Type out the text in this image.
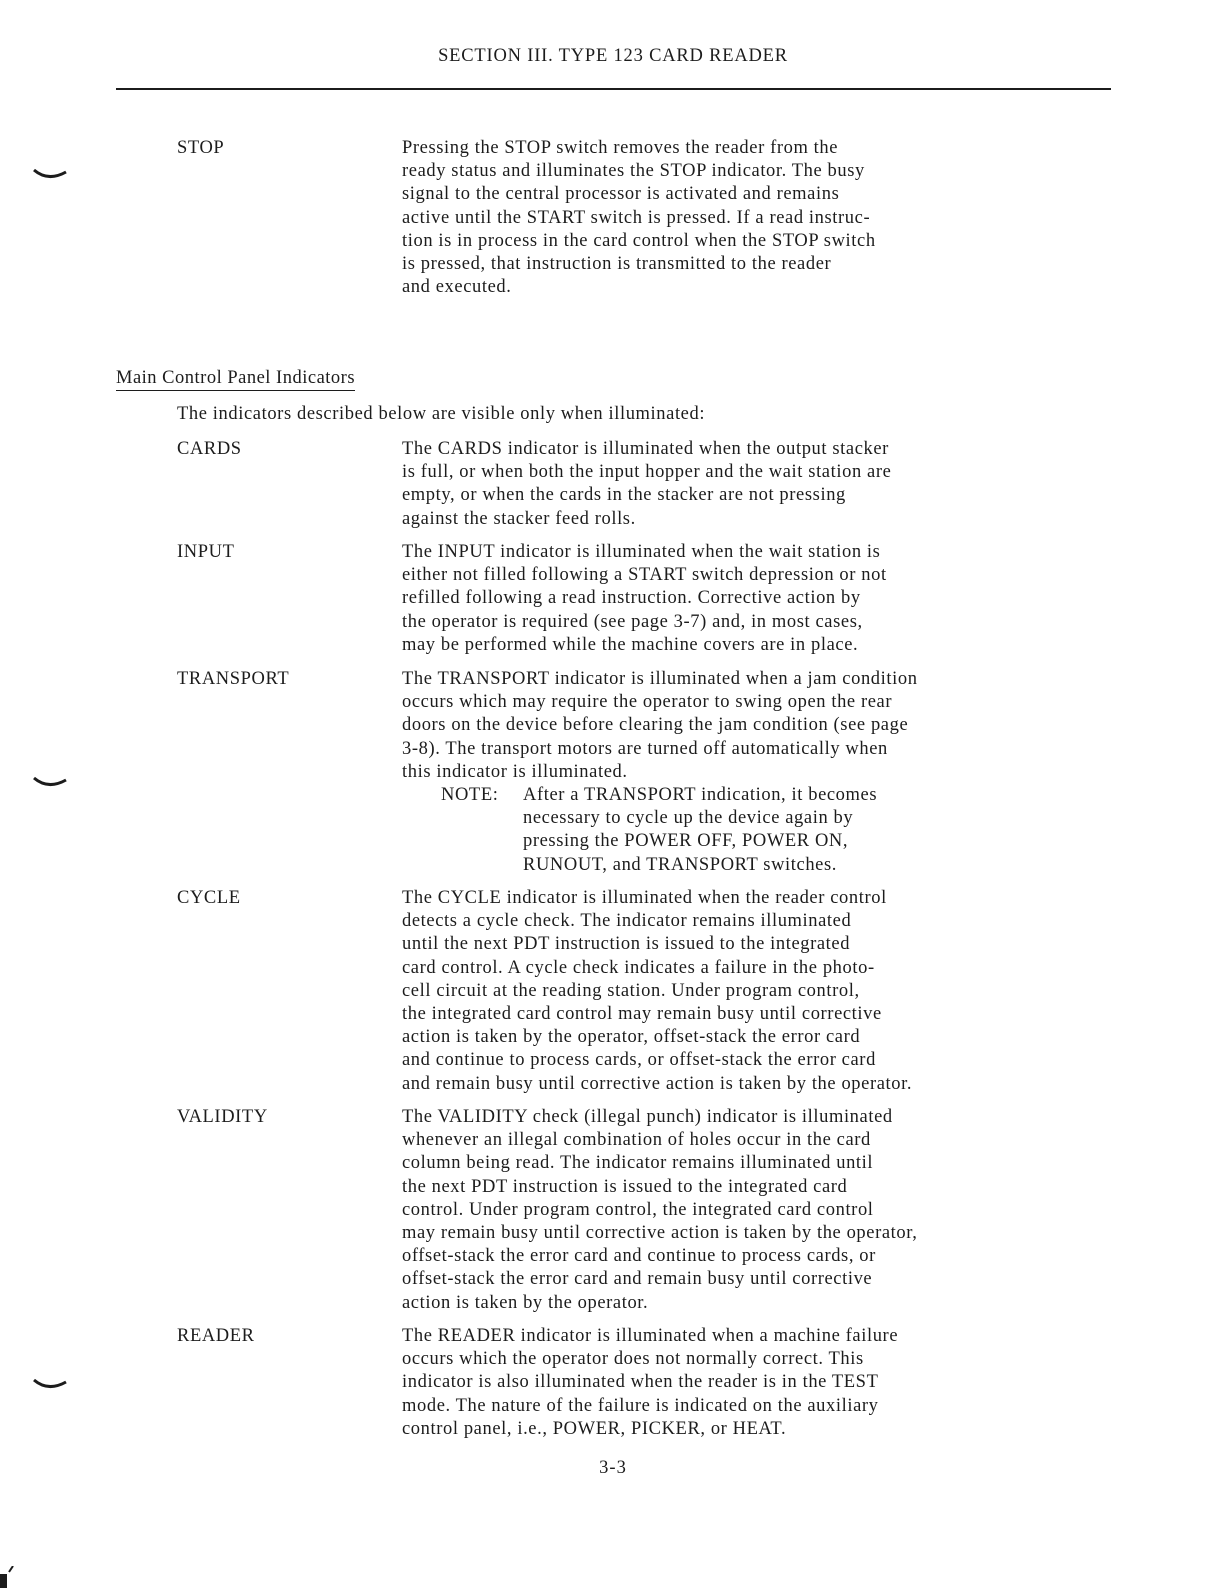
SECTION III. TYPE 123 CARD READER
STOP	Pressing the STOP switch removes the reader from the
ready status and illuminates the STOP indicator. The busy
signal to the central processor is activated and remains
active until the START switch is pressed. If a read instruc-
tion is in process in the card control when the STOP switch
is pressed, that instruction is transmitted to the reader
and executed.
Main Control Panel Indicators
The indicators described below are visible only when illuminated:
CARDS	The CARDS indicator is illuminated when the output stacker
is full, or when both the input hopper and the wait station are
empty, or when the cards in the stacker are not pressing
against the stacker feed rolls.
INPUT	The INPUT indicator is illuminated when the wait station is
either not filled following a START switch depression or not
refilled following a read instruction. Corrective action by
the operator is required (see page 3-7) and, in most cases,
may be performed while the machine covers are in place.
TRANSPORT	The TRANSPORT indicator is illuminated when a jam condition
occurs which may require the operator to swing open the rear
doors on the device before clearing the jam condition (see page
3-8). The transport motors are turned off automatically when
this indicator is illuminated.
NOTE: After a TRANSPORT indication, it becomes
necessary to cycle up the device again by
pressing the POWER OFF, POWER ON,
RUNOUT, and TRANSPORT switches.
CYCLE	The CYCLE indicator is illuminated when the reader control
detects a cycle check. The indicator remains illuminated
until the next PDT instruction is issued to the integrated
card control. A cycle check indicates a failure in the photo-
cell circuit at the reading station. Under program control,
the integrated card control may remain busy until corrective
action is taken by the operator, offset-stack the error card
and continue to process cards, or offset-stack the error card
and remain busy until corrective action is taken by the operator.
VALIDITY	The VALIDITY check (illegal punch) indicator is illuminated
whenever an illegal combination of holes occur in the card
column being read. The indicator remains illuminated until
the next PDT instruction is issued to the integrated card
control. Under program control, the integrated card control
may remain busy until corrective action is taken by the operator,
offset-stack the error card and continue to process cards, or
offset-stack the error card and remain busy until corrective
action is taken by the operator.
READER	The READER indicator is illuminated when a machine failure
occurs which the operator does not normally correct. This
indicator is also illuminated when the reader is in the TEST
mode. The nature of the failure is indicated on the auxiliary
control panel, i.e., POWER, PICKER, or HEAT.
3-3
